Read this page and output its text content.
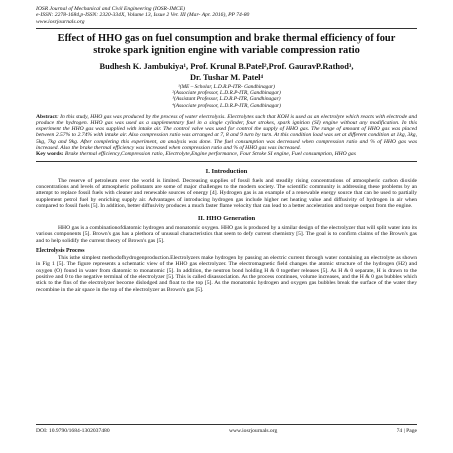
IOSR Journal of Mechanical and Civil Engineering (IOSR-JMCE)
e-ISSN: 2278-1684,p-ISSN: 2320-334X, Volume 13, Issue 2 Ver. III (Mar- Apr. 2016), PP 74-80
www.iosrjournals.org
Effect of HHO gas on fuel consumption and brake thermal efficiency of four stroke spark ignition engine with variable compression ratio
Budhesh K. Jambukiya¹, Prof. Krunal B.Patel²,Prof. GauravP.Rathod³,
Dr. Tushar M. Patel⁴
¹(ME – Scholar, L.D.R.P-ITR- Gandhinagar)
²(Associate professor, L.D.R.P-ITR, Gandhinagar)
³(Assistant Professor, L.D.R.P-ITR, Gandhinagar)
⁴(Associate professor, L.D.R.P-ITR, Gandhinagar)
Abstract: In this study, HHO gas was produced by the process of water electrolysis. Electrolytes such that KOH is used as an electrolyte which reacts with electrode and produce the hydrogen. HHO gas was used as a supplementary fuel in a single cylinder, four strokes, spark ignition (SI) engine without any modification. In this experiment the HHO gas was supplied with intake air. The control valve was used for control the supply of HHO gas. The range of amount of HHO gas was placed between 2.57% to 2.74% with intake air. Also compression ratio was arranged at 7, 8 and 9 turn by turn. At this condition load was set at different condition at 1kg, 3kg, 5kg, 7kg and 9kg. After completing this experiment, an analysis was done. The fuel consumption was decreased when compression ratio and % of HHO gas was increased. Also the brake thermal efficiency was increased when compression ratio and % of HHO gas was increased.
Key words: Brake thermal efficiency,Compression ratio, Electrolyte,Engine performance, Four Stroke SI engine, Fuel consumption, HHO gas
I. Introduction
The reserve of petroleum over the world is limited. Decreasing supplies of fossil fuels and steadily rising concentrations of atmospheric carbon dioxide concentrations and levels of atmospheric pollutants are some of major challenges to the modern society. The scientific community is addressing these problems by an attempt to replace fossil fuels with cleaner and renewable sources of energy [4]. Hydrogen gas is an example of a renewable energy source that can be used to partially supplement petrol fuel by enriching supply air. Advantages of introducing hydrogen gas include higher net heating value and diffusivity of hydrogen in air when compared to fossil fuels [5]. In addition, better diffusivity produces a much faster flame velocity that can lead to a better acceleration and torque output from the engine.
II. HHO Generation
HHO gas is a combinationofdiatomic hydrogen and monatomic oxygen. HHO gas is produced by a similar design of the electrolyzer that will split water into its various components [5]. Brown's gas has a plethora of unusual characteristics that seem to defy current chemistry [5]. The goal is to confirm claims of the Brown's gas and to help solidify the current theory of Brown's gas [5].
Electrolysis Process
This isthe simplest methodofhydrogenproduction.Electrolyzers make hydrogen by passing an electric current through water containing an electrolyte as shown in Fig 1 [5]. The figure represents a schematic view of the HHO gas electrolyzer. The electromagnetic field changes the atomic structure of the hydrogen (H2) and oxygen (O) found in water from diatomic to monatomic [5]. In addition, the neutron bond holding H & 0 together releases [5]. As H & 0 separate, H is drawn to the positive and 0 to the negative terminal of the electrolyzer [5]. This is called disassociation. As the process continues, volume increases, and the H & 0 gas bubbles which stick to the fins of the electrolyzer become dislodged and float to the top [5]. As the monatomic hydrogen and oxygen gas bubbles break the surface of the water they recombine in the air space in the top of the electrolyzer as Brown's gas [5].
DOI: 10.9790/1684-1302037480	www.iosrjournals.org	74 | Page
